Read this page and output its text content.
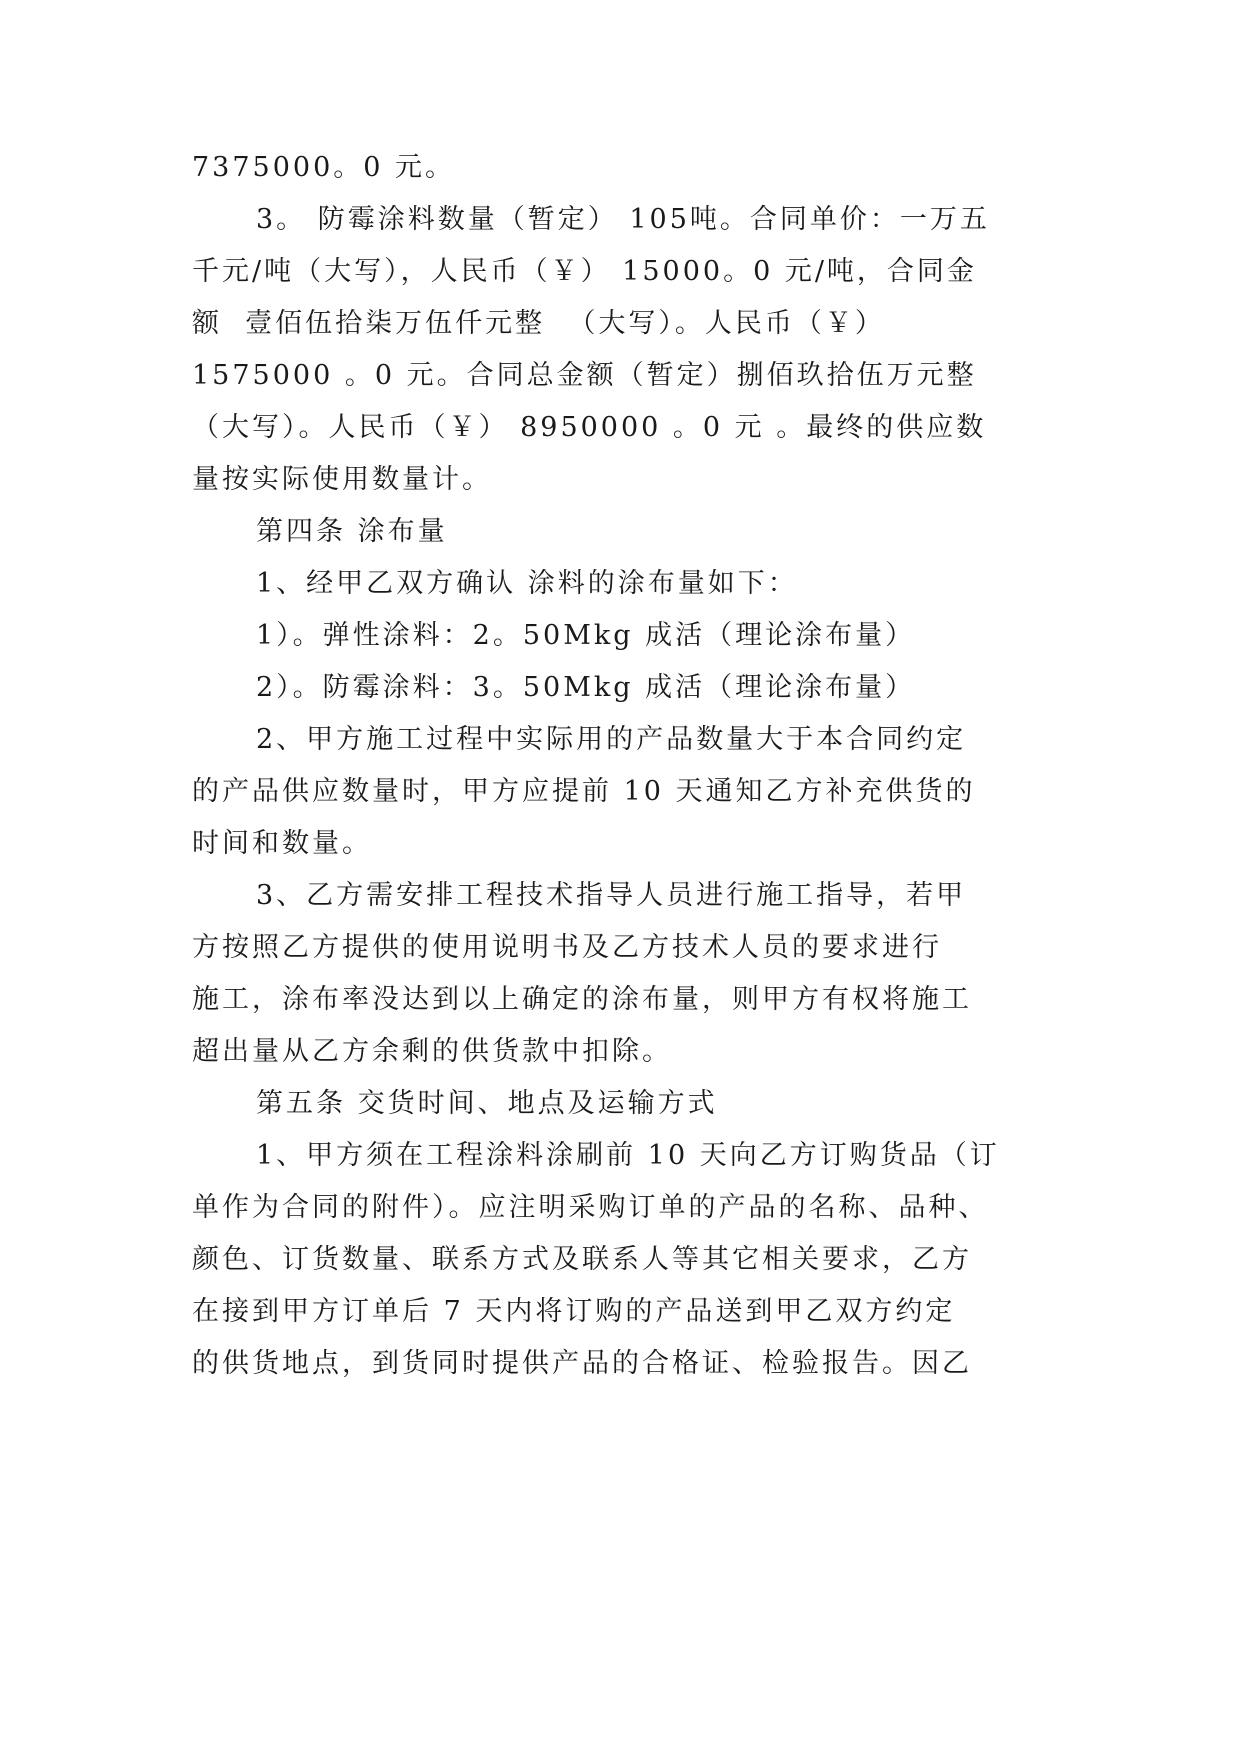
7375000。0 元。
3。 防霉涂料数量（暂定） 105吨。合同单价：一万五
千元/吨（大写），人民币（￥） 15000。0 元/吨，合同金
额  壹佰伍拾柒万伍仟元整  （大写）。人民币（￥）
1575000 。0 元。合同总金额（暂定）捌佰玖拾伍万元整
（大写）。人民币（￥） 8950000 。0 元 。最终的供应数
量按实际使用数量计。
第四条 涂布量
1、经甲乙双方确认 涂料的涂布量如下：
1）。弹性涂料：2。50Mkg 成活（理论涂布量）
2）。防霉涂料：3。50Mkg 成活（理论涂布量）
2、甲方施工过程中实际用的产品数量大于本合同约定
的产品供应数量时，甲方应提前 10 天通知乙方补充供货的
时间和数量。
3、乙方需安排工程技术指导人员进行施工指导，若甲
方按照乙方提供的使用说明书及乙方技术人员的要求进行
施工，涂布率没达到以上确定的涂布量，则甲方有权将施工
超出量从乙方余剩的供货款中扣除。
第五条 交货时间、地点及运输方式
1、甲方须在工程涂料涂刷前 10 天向乙方订购货品（订
单作为合同的附件）。应注明采购订单的产品的名称、品种、
颜色、订货数量、联系方式及联系人等其它相关要求，乙方
在接到甲方订单后 7 天内将订购的产品送到甲乙双方约定
的供货地点，到货同时提供产品的合格证、检验报告。因乙
